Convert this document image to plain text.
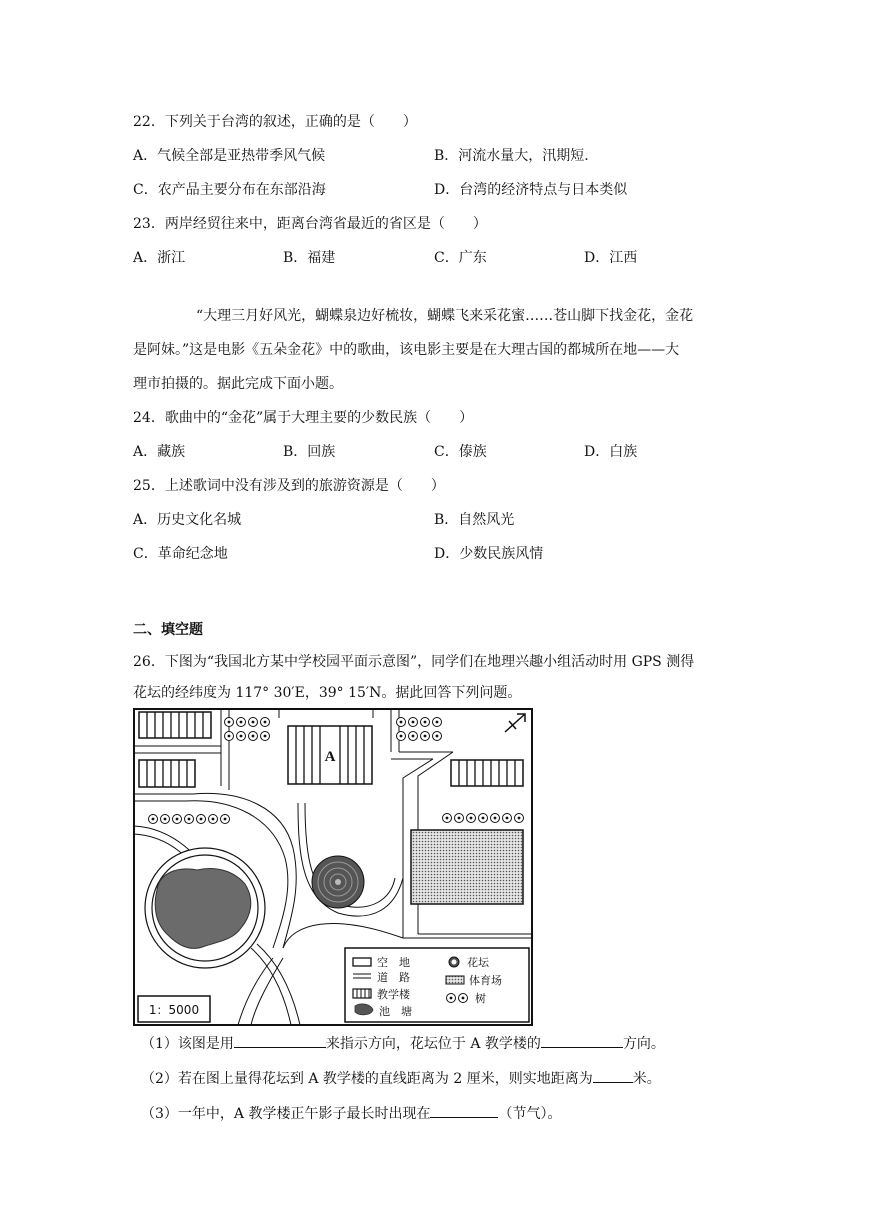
22．下列关于台湾的叙述，正确的是（　　）
A．气候全部是亚热带季风气候	B．河流水量大，汛期短.
C．农产品主要分布在东部沿海	D．台湾的经济特点与日本类似
23．两岸经贸往来中，距离台湾省最近的省区是（　　）
A．浙江	B．福建	C．广东	D．江西
“大理三月好风光，蝴蝶泉边好梳妆，蝴蝶飞来采花蜜……苍山脚下找金花，金花
是阿妹。”这是电影《五朵金花》中的歌曲，该电影主要是在大理古国的都城所在地——大
理市拍摄的。据此完成下面小题。
24．歌曲中的“金花”属于大理主要的少数民族（　　）
A．藏族	B．回族	C．傣族	D．白族
25．上述歌词中没有涉及到的旅游资源是（　　）
A．历史文化名城	B．自然风光
C．革命纪念地	D．少数民族风情
二、填空题
26．下图为“我国北方某中学校园平面示意图”，同学们在地理兴趣小组活动时用 GPS 测得
花坛的经纬度为 117° 30′E，39° 15′N。据此回答下列问题。
A
空　地
道　路
教学楼
池　塘
花坛
体育场
树
1：5000
（1）该图是用	来指示方向，花坛位于 A 教学楼的	方向。
（2）若在图上量得花坛到 A 教学楼的直线距离为 2 厘米，则实地距离为	米。
（3）一年中，A 教学楼正午影子最长时出现在	（节气）。
